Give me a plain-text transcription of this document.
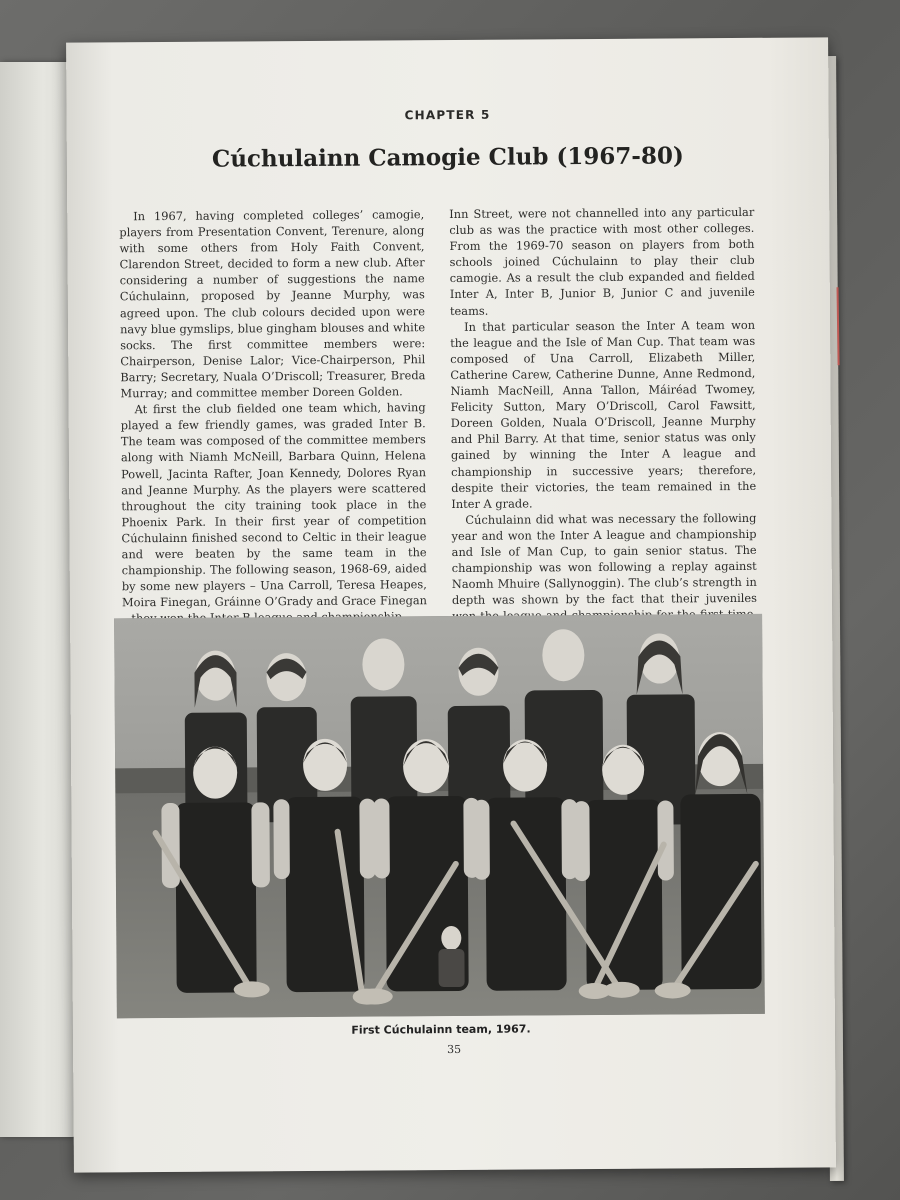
CHAPTER 5
Cúchulainn Camogie Club (1967-80)

In 1967, having completed colleges’ camogie, players from Presentation Convent, Terenure, along with some others from Holy Faith Convent, Clarendon Street, decided to form a new club. After considering a number of suggestions the name Cúchulainn, proposed by Jeanne Murphy, was agreed upon. The club colours decided upon were navy blue gymslips, blue gingham blouses and white socks. The first committee members were: Chairperson, Denise Lalor; Vice-Chairperson, Phil Barry; Secretary, Nuala O’Driscoll; Treasurer, Breda Murray; and committee member Doreen Golden.

At first the club fielded one team which, having played a few friendly games, was graded Inter B. The team was composed of the committee members along with Niamh McNeill, Barbara Quinn, Helena Powell, Jacinta Rafter, Joan Kennedy, Dolores Ryan and Jeanne Murphy. As the players were scattered throughout the city training took place in the Phoenix Park. In their first year of competition Cúchulainn finished second to Celtic in their league and were beaten by the same team in the championship. The following season, 1968-69, aided by some new players – Una Carroll, Teresa Heapes, Moira Finegan, Gráinne O’Grady and Grace Finegan

Inn Street, were not channelled into any particular club as was the practice with most other colleges. From the 1969-70 season on players from both schools joined Cúchulainn to play their club camogie. As a result the club expanded and fielded Inter A, Inter B, Junior B, Junior C and juvenile teams.

In that particular season the Inter A team won the league and the Isle of Man Cup. That team was composed of Una Carroll, Elizabeth Miller, Catherine Carew, Catherine Dunne, Anne Redmond, Niamh MacNeill, Anna Tallon, Máiréad Twomey, Felicity Sutton, Mary O’Driscoll, Carol Fawsitt, Doreen Golden, Nuala O’Driscoll, Jeanne Murphy and Phil Barry. At that time, senior status was only gained by winning the Inter A league and championship in successive years; therefore, despite their victories, the team remained in the Inter A grade.

Cúchulainn did what was necessary the following year and won the Inter A league and championship and Isle of Man Cup, to gain senior status. The championship was won following a replay against Naomh Mhuire (Sallynoggin). The club’s strength in depth was shown by the fact that their juveniles

First Cúchulainn team, 1967.
35
